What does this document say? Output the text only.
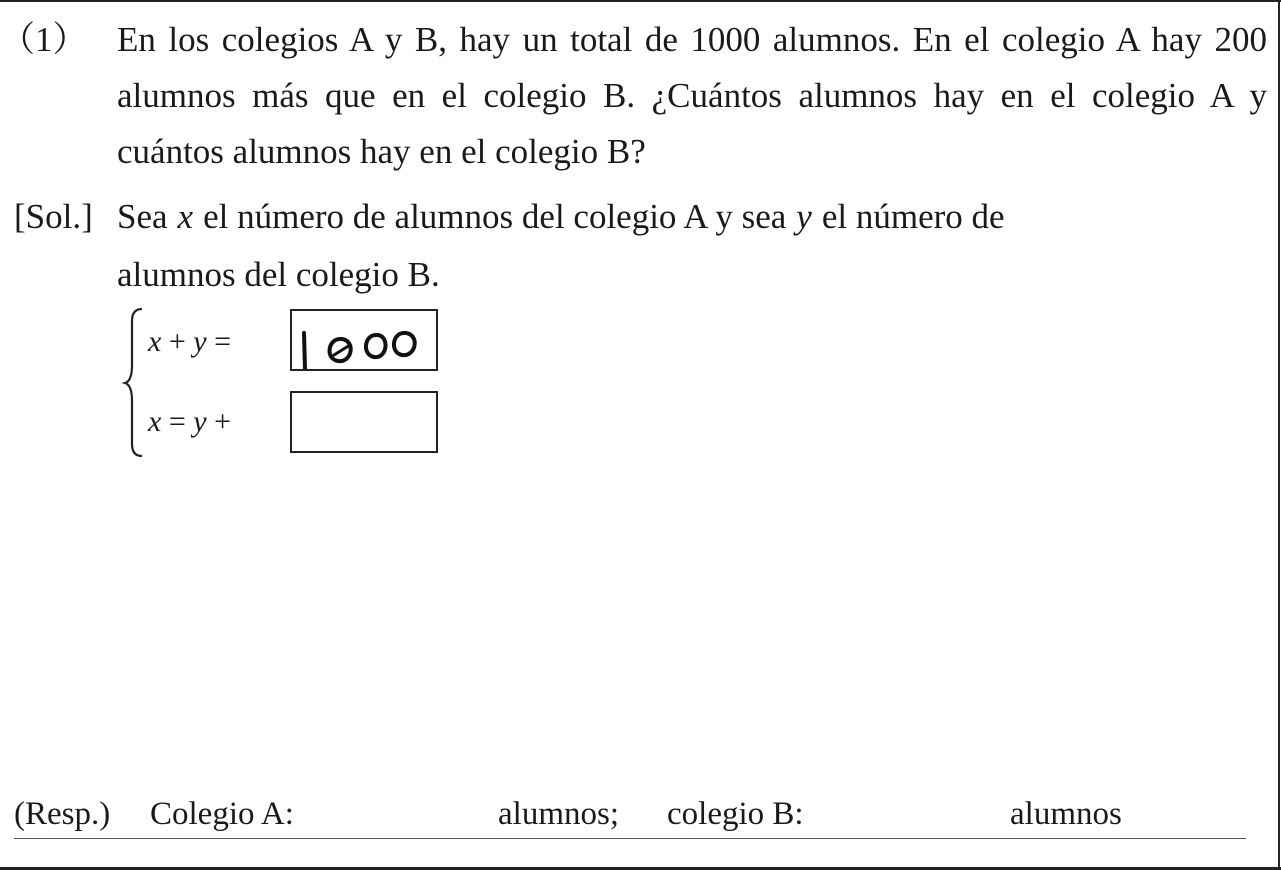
（1） En los colegios A y B, hay un total de 1000 alumnos. En el colegio A hay 200 alumnos más que en el colegio B. ¿Cuántos alumnos hay en el colegio A y cuántos alumnos hay en el colegio B?
[Sol.] Sea x el número de alumnos del colegio A y sea y el número de
alumnos del colegio B.
x + y =
x = y +
(Resp.) Colegio A:	alumnos; colegio B:	alumnos
